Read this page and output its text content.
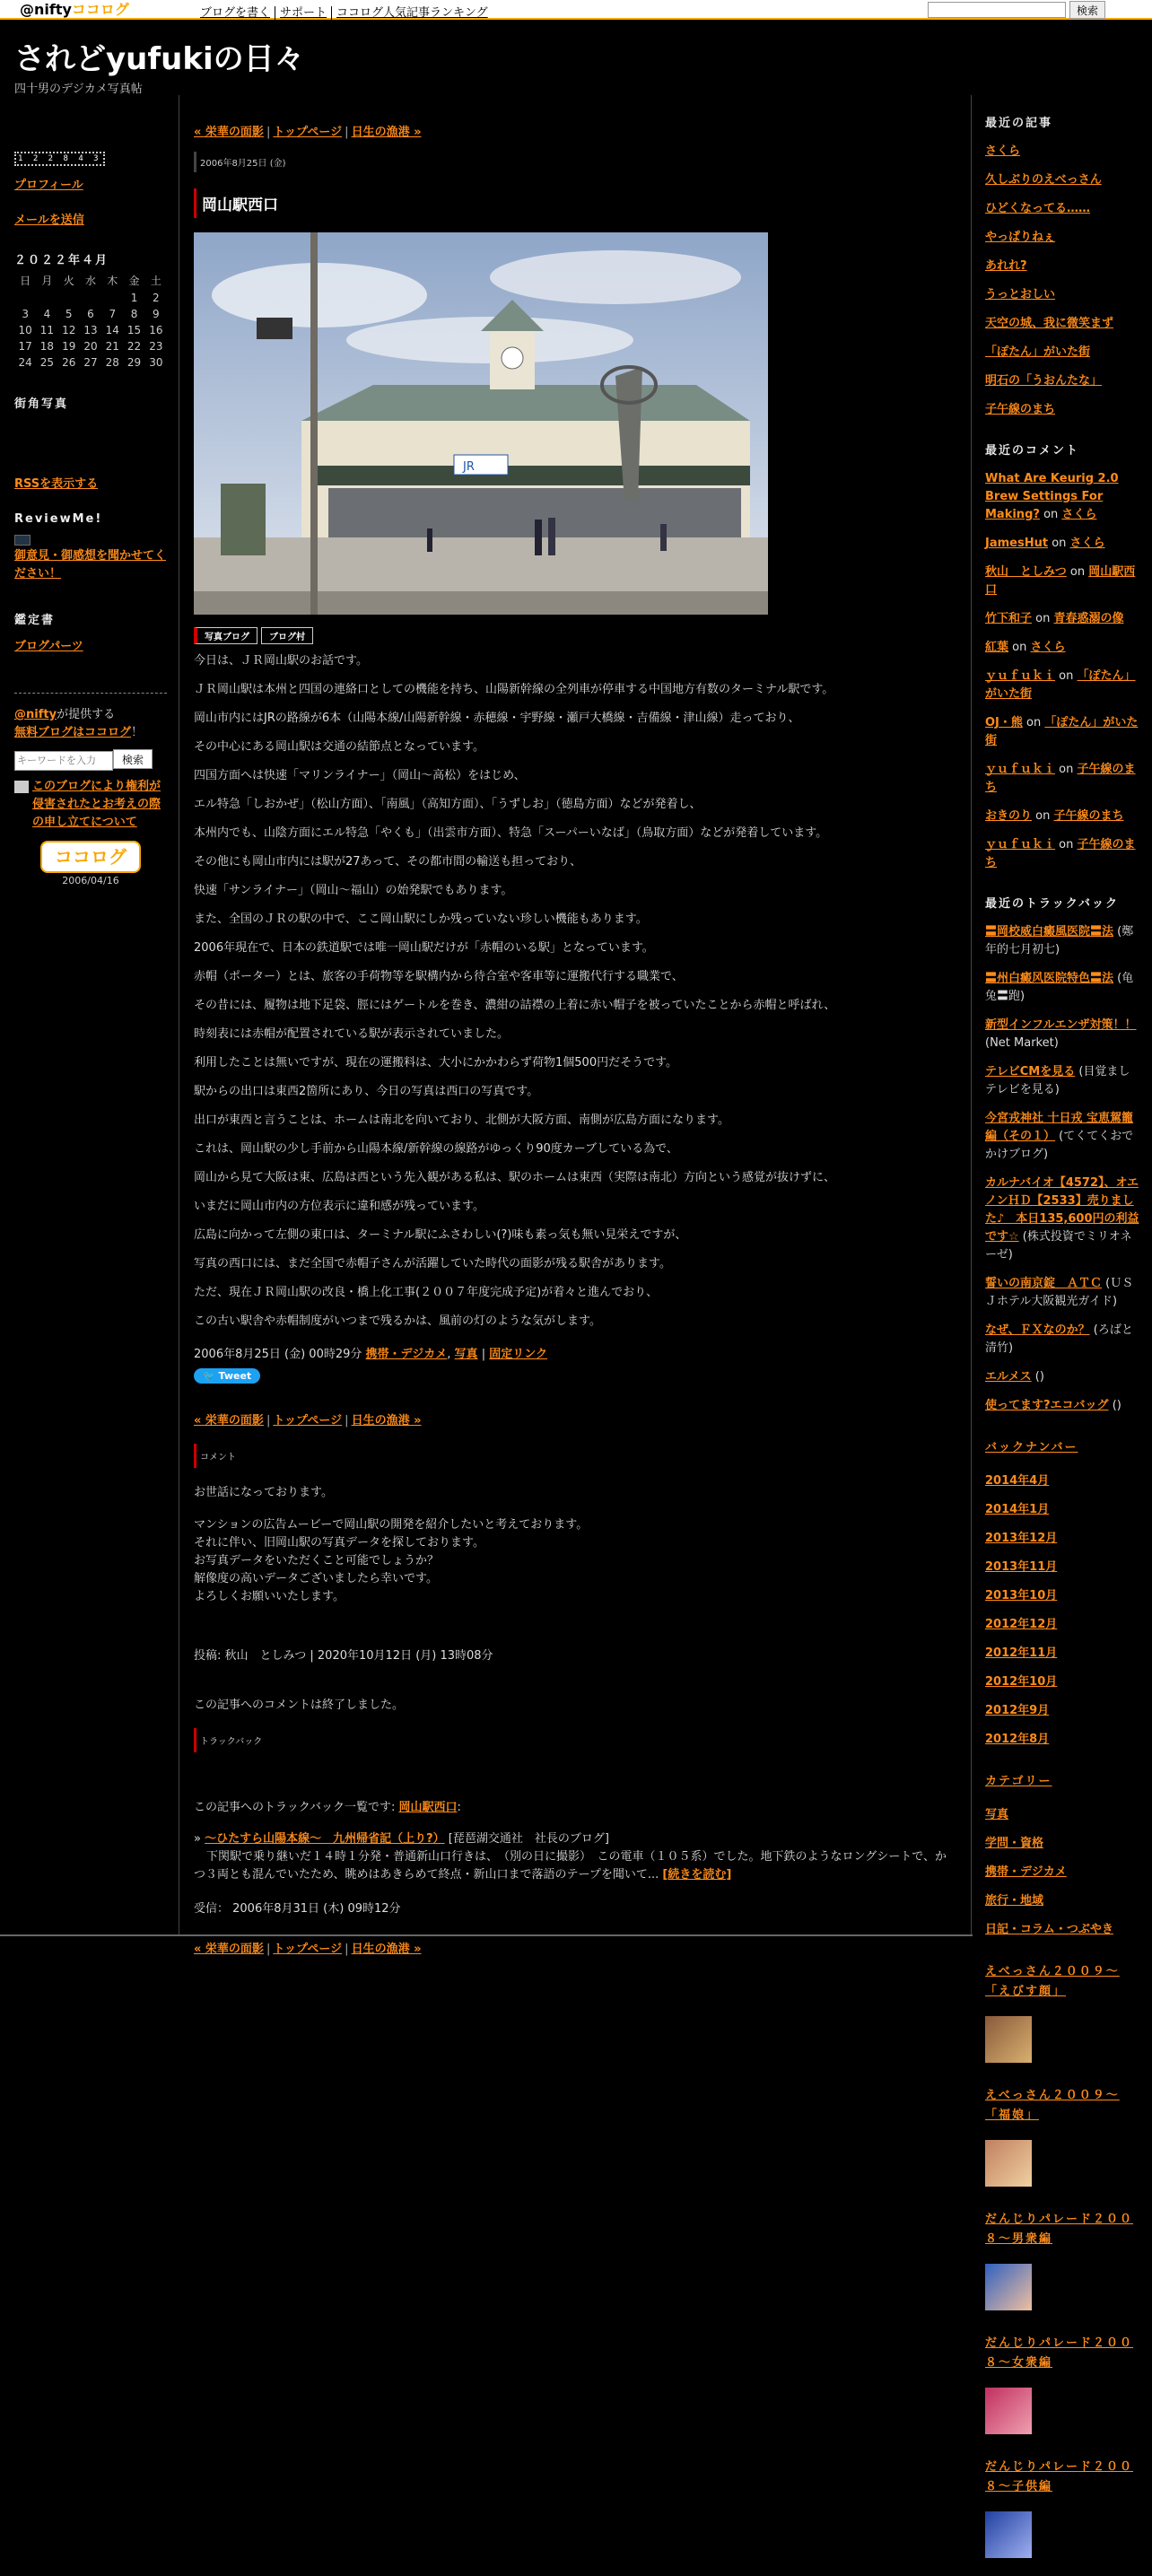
@niftyココログ	ブログを書く サポート ココログ人気記事ランキング	検索
されどyufukiの日々
四十男のデジカメ写真帖
1 2 2 8 4 3
プロフィール
メールを送信
２０２２年４月
日	月	火	水	木	金	土
					1	2
3	4	5	6	7	8	9
10	11	12	13	14	15	16
17	18	19	20	21	22	23
24	25	26	27	28	29	30
街角写真
RSSを表示する
ReviewMe!
御意見・御感想を聞かせてください！
鑑定書
ブログパーツ
@niftyが提供する
無料ブログはココログ！
キーワードを入力検索
このブログにより権利が侵害されたとお考えの際の申し立てについて
ココログ
2006/04/16
« 栄華の面影 | トップページ | 日生の漁港 »
2006年8月25日 (金)
岡山駅西口
JR
写真ブログ ブログ村

今日は、ＪＲ岡山駅のお話です。

ＪＲ岡山駅は本州と四国の連絡口としての機能を持ち、山陽新幹線の全列車が停車する中国地方有数のターミナル駅です。

岡山市内にはJRの路線が6本（山陽本線/山陽新幹線・赤穂線・宇野線・瀬戸大橋線・吉備線・津山線）走っており、

その中心にある岡山駅は交通の結節点となっています。

四国方面へは快速「マリンライナー」（岡山〜高松）をはじめ、

エル特急「しおかぜ」（松山方面）、「南風」（高知方面）、「うずしお」（徳島方面）などが発着し、

本州内でも、山陰方面にエル特急「やくも」（出雲市方面）、特急「スーパーいなば」（鳥取方面）などが発着しています。

その他にも岡山市内には駅が27あって、その都市間の輸送も担っており、

快速「サンライナー」（岡山〜福山）の始発駅でもあります。

また、全国のＪＲの駅の中で、ここ岡山駅にしか残っていない珍しい機能もあります。

2006年現在で、日本の鉄道駅では唯一岡山駅だけが「赤帽のいる駅」となっています。

赤帽（ポーター）とは、旅客の手荷物等を駅構内から待合室や客車等に運搬代行する職業で、

その昔には、履物は地下足袋、脛にはゲートルを巻き、濃紺の詰襟の上着に赤い帽子を被っていたことから赤帽と呼ばれ、

時刻表には赤帽が配置されている駅が表示されていました。

利用したことは無いですが、現在の運搬料は、大小にかかわらず荷物1個500円だそうです。

駅からの出口は東西2箇所にあり、今日の写真は西口の写真です。

出口が東西と言うことは、ホームは南北を向いており、北側が大阪方面、南側が広島方面になります。

これは、岡山駅の少し手前から山陽本線/新幹線の線路がゆっくり90度カーブしている為で、

岡山から見て大阪は東、広島は西という先入観がある私は、駅のホームは東西（実際は南北）方向という感覚が抜けずに、

いまだに岡山市内の方位表示に違和感が残っています。

広島に向かって左側の東口は、ターミナル駅にふさわしい(?)味も素っ気も無い見栄えですが、

写真の西口には、まだ全国で赤帽子さんが活躍していた時代の面影が残る駅舎があります。

ただ、現在ＪＲ岡山駅の改良・橋上化工事(２００７年度完成予定)が着々と進んでおり、

この古い駅舎や赤帽制度がいつまで残るかは、風前の灯のような気がします。

2006年8月25日 (金) 00時29分 携帯・デジカメ, 写真 | 固定リンク
🐦 Tweet
« 栄華の面影 | トップページ | 日生の漁港 »
コメント
お世話になっております。
マンションの広告ムービーで岡山駅の開発を紹介したいと考えております。
それに伴い、旧岡山駅の写真データを探しております。
お写真データをいただくこと可能でしょうか？
解像度の高いデータございましたら幸いです。
よろしくお願いいたします。
投稿: 秋山　としみつ | 2020年10月12日 (月) 13時08分
この記事へのコメントは終了しました。
トラックバック
この記事へのトラックバック一覧です: 岡山駅西口:
» 〜ひたすら山陽本線〜　九州帰省記（上り?） [琵琶湖交通社　社長のブログ]
下関駅で乗り継いだ１４時１分発・普通新山口行きは、　（別の日に撮影）　この電車（１０５系）でした。地下鉄のようなロングシートで、かつ３両とも混んでいたため、眺めはあきらめて終点・新山口まで落語のテープを聞いて... [続きを読む]
受信： 2006年8月31日 (木) 09時12分
« 栄華の面影 | トップページ | 日生の漁港 »
最近の記事
さくら
久しぶりのえべっさん
ひどくなってる……
やっぱりねぇ
あれれ?
うっとおしい
天空の城、我に微笑まず
「ぽたん」がいた街
明石の「うおんたな」
子午線のまち
最近のコメント
What Are Keurig 2.0 Brew Settings For Making? on さくら
JamesHut on さくら
秋山　としみつ on 岡山駅西口
竹下和子 on 青春惑溺の像
紅葉 on さくら
ｙｕｆｕｋｉ on 「ぽたん」がいた街
OJ・熊 on 「ぽたん」がいた街
ｙｕｆｕｋｉ on 子午線のまち
おきのり on 子午線のまち
ｙｕｆｕｋｉ on 子午線のまち
最近のトラックバック
〓岡校威白癜風医院〓法 (鄭年的七月初七)
〓州白癜风医院特色〓法 (龟兔〓跑)
新型インフルエンザ対策！！ (Net Market)
テレビCMを見る (目覚ましテレビを見る)
今宮戎神社 十日戎 宝恵駕籠編（その１） (てくてくおでかけブログ)
カルナバイオ【4572】、オエノンＨＤ【2533】売りました♪　本日135,600円の利益です☆ (株式投資でミリオネーゼ)
誓いの南京錠　ＡＴＣ (ＵＳＪホテル大阪観光ガイド)
なぜ、ＦＸなのか？ (ろばと清竹)
エルメス ()
使ってます?エコバッグ ()
バックナンバー
2014年4月
2014年1月
2013年12月
2013年11月
2013年10月
2012年12月
2012年11月
2012年10月
2012年9月
2012年8月
カテゴリー
写真
学問・資格
携帯・デジカメ
旅行・地域
日記・コラム・つぶやき
えべっさん２００９〜「えびす顔」
えべっさん２００９〜「福娘」
だんじりパレード２００８〜男衆編
だんじりパレード２００８〜女衆編
だんじりパレード２００８〜子供編
